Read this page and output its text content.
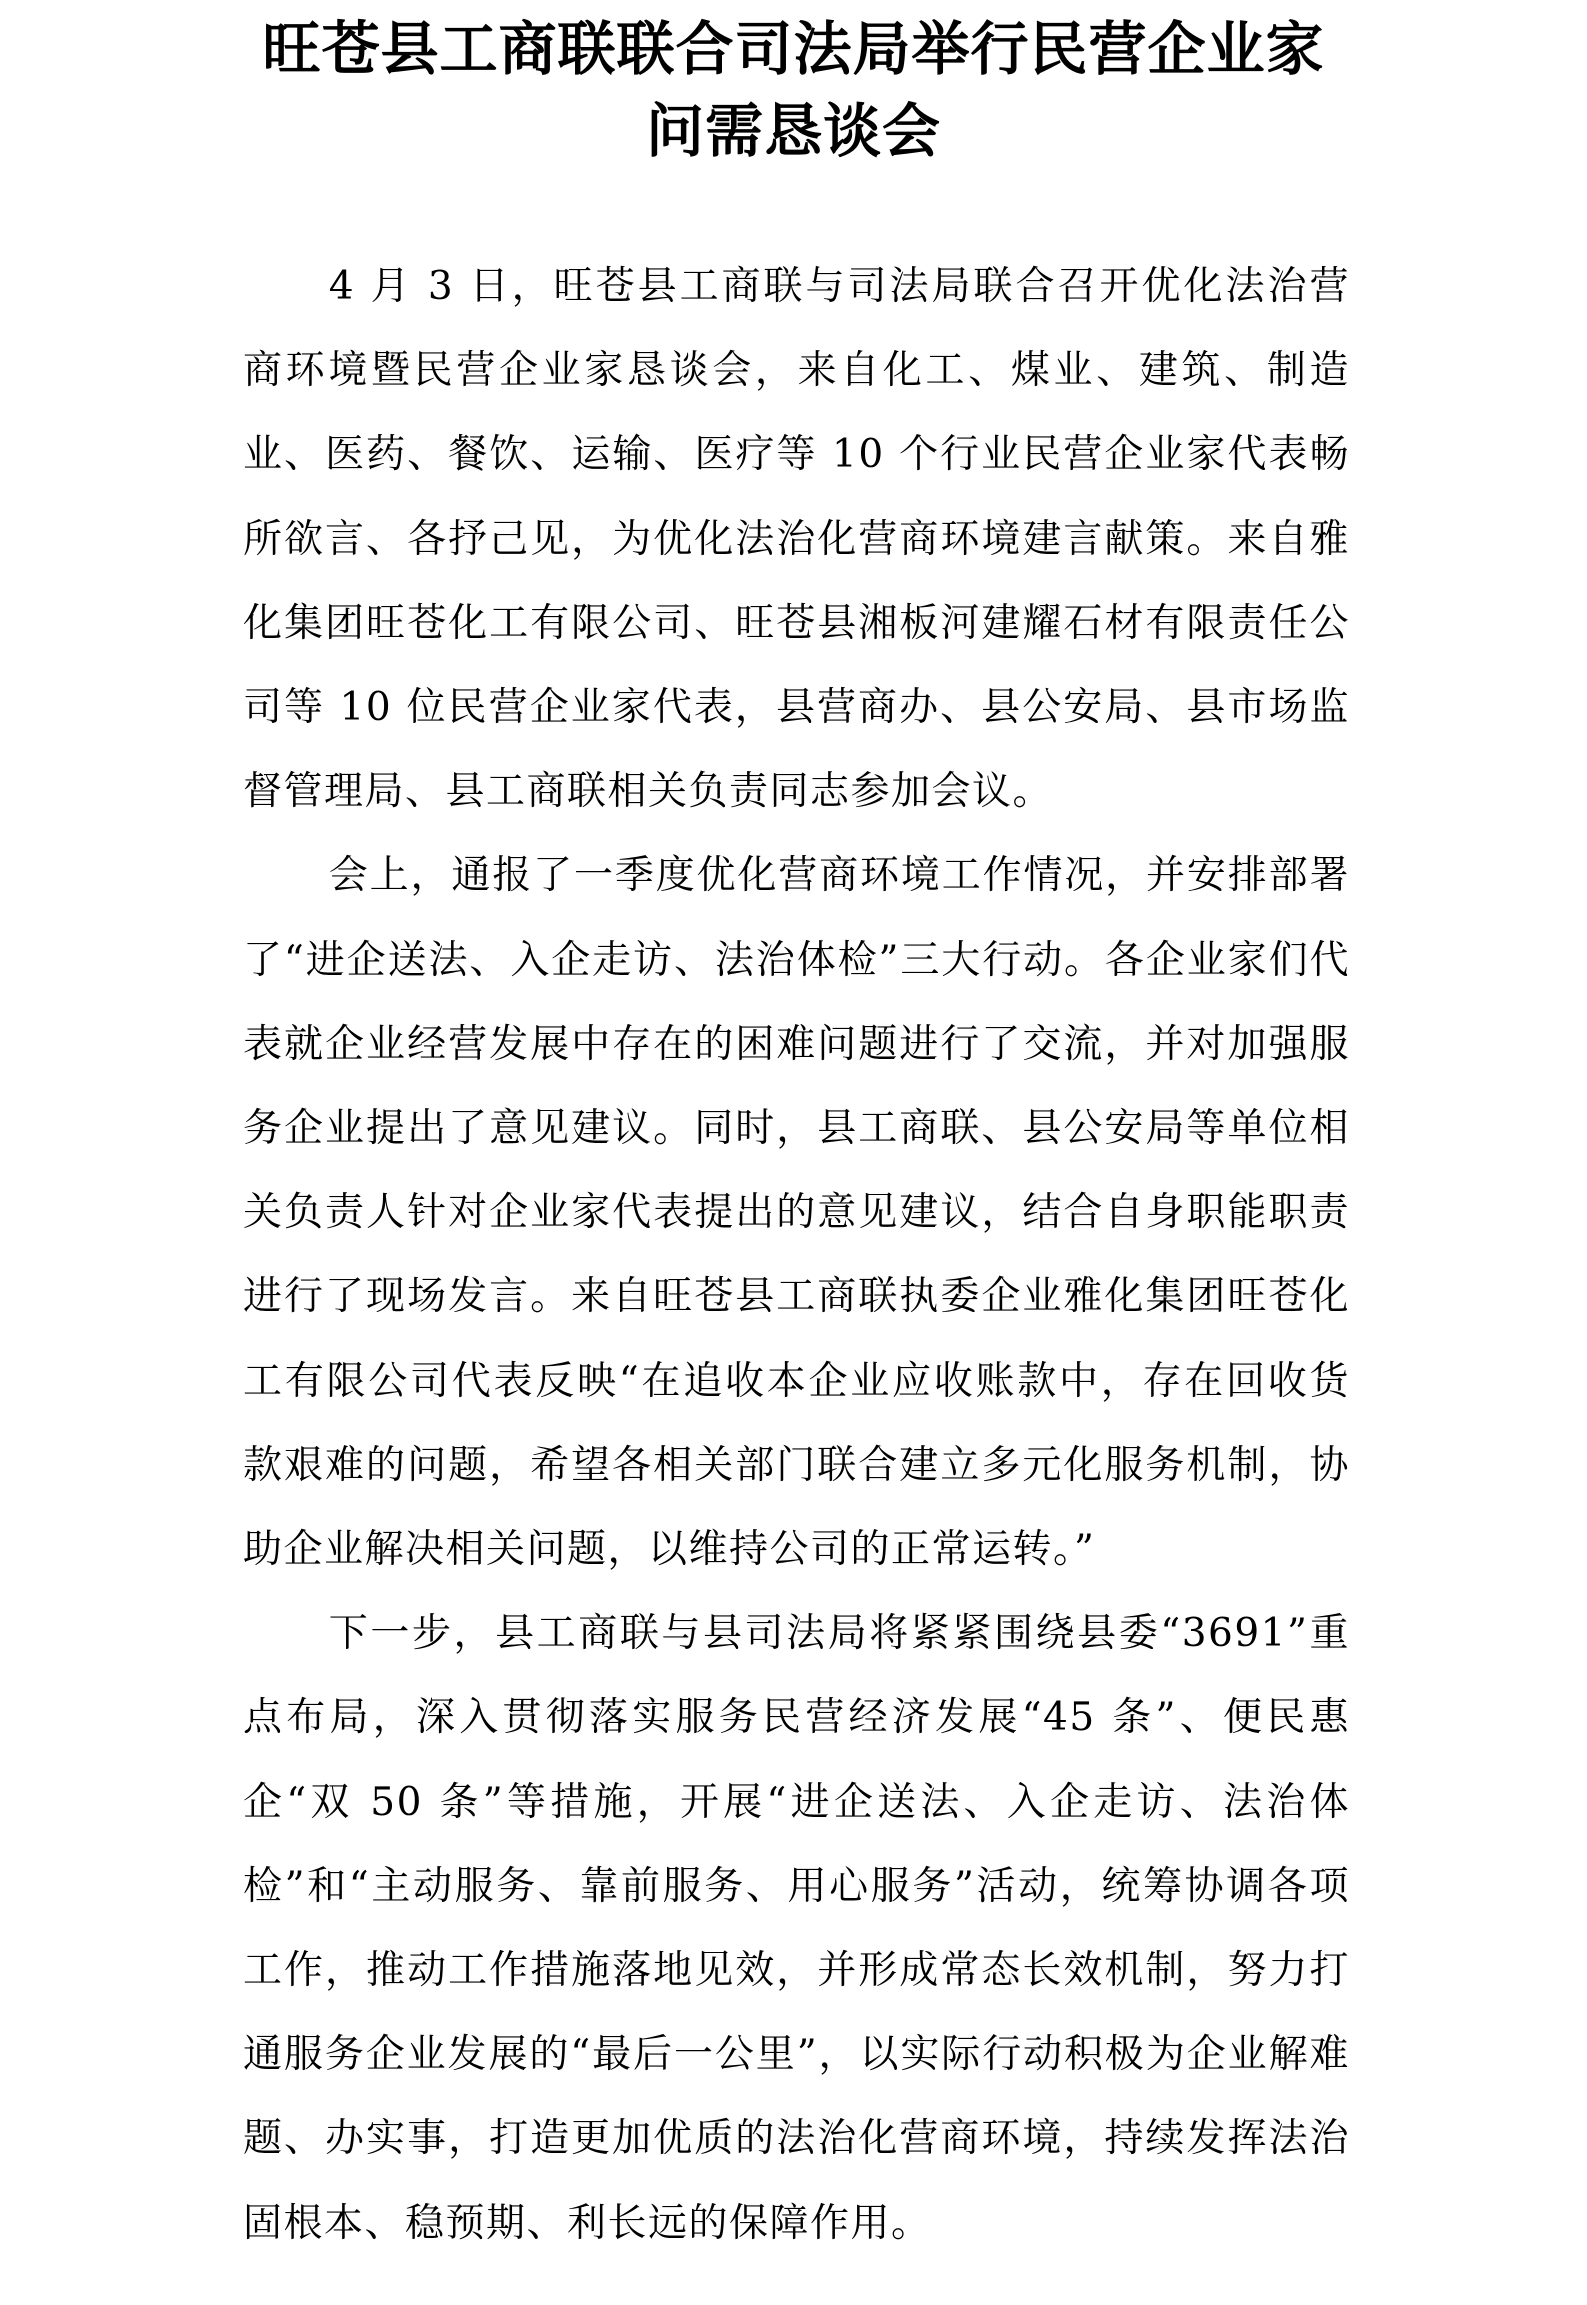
旺苍县工商联联合司法局举行民营企业家问需恳谈会

4 月 3 日，旺苍县工商联与司法局联合召开优化法治营商环境暨民营企业家恳谈会，来自化工、煤业、建筑、制造业、医药、餐饮、运输、医疗等 10 个行业民营企业家代表畅所欲言、各抒己见，为优化法治化营商环境建言献策。来自雅化集团旺苍化工有限公司、旺苍县湘板河建耀石材有限责任公司等 10 位民营企业家代表，县营商办、县公安局、县市场监督管理局、县工商联相关负责同志参加会议。

会上，通报了一季度优化营商环境工作情况，并安排部署了“进企送法、入企走访、法治体检”三大行动。各企业家们代表就企业经营发展中存在的困难问题进行了交流，并对加强服务企业提出了意见建议。同时，县工商联、县公安局等单位相关负责人针对企业家代表提出的意见建议，结合自身职能职责进行了现场发言。来自旺苍县工商联执委企业雅化集团旺苍化工有限公司代表反映“在追收本企业应收账款中，存在回收货款艰难的问题，希望各相关部门联合建立多元化服务机制，协助企业解决相关问题，以维持公司的正常运转。”

下一步，县工商联与县司法局将紧紧围绕县委“3691”重点布局，深入贯彻落实服务民营经济发展“45 条”、便民惠企“双 50 条”等措施，开展“进企送法、入企走访、法治体检”和“主动服务、靠前服务、用心服务”活动，统筹协调各项工作，推动工作措施落地见效，并形成常态长效机制，努力打通服务企业发展的“最后一公里”，以实际行动积极为企业解难题、办实事，打造更加优质的法治化营商环境，持续发挥法治固根本、稳预期、利长远的保障作用。
